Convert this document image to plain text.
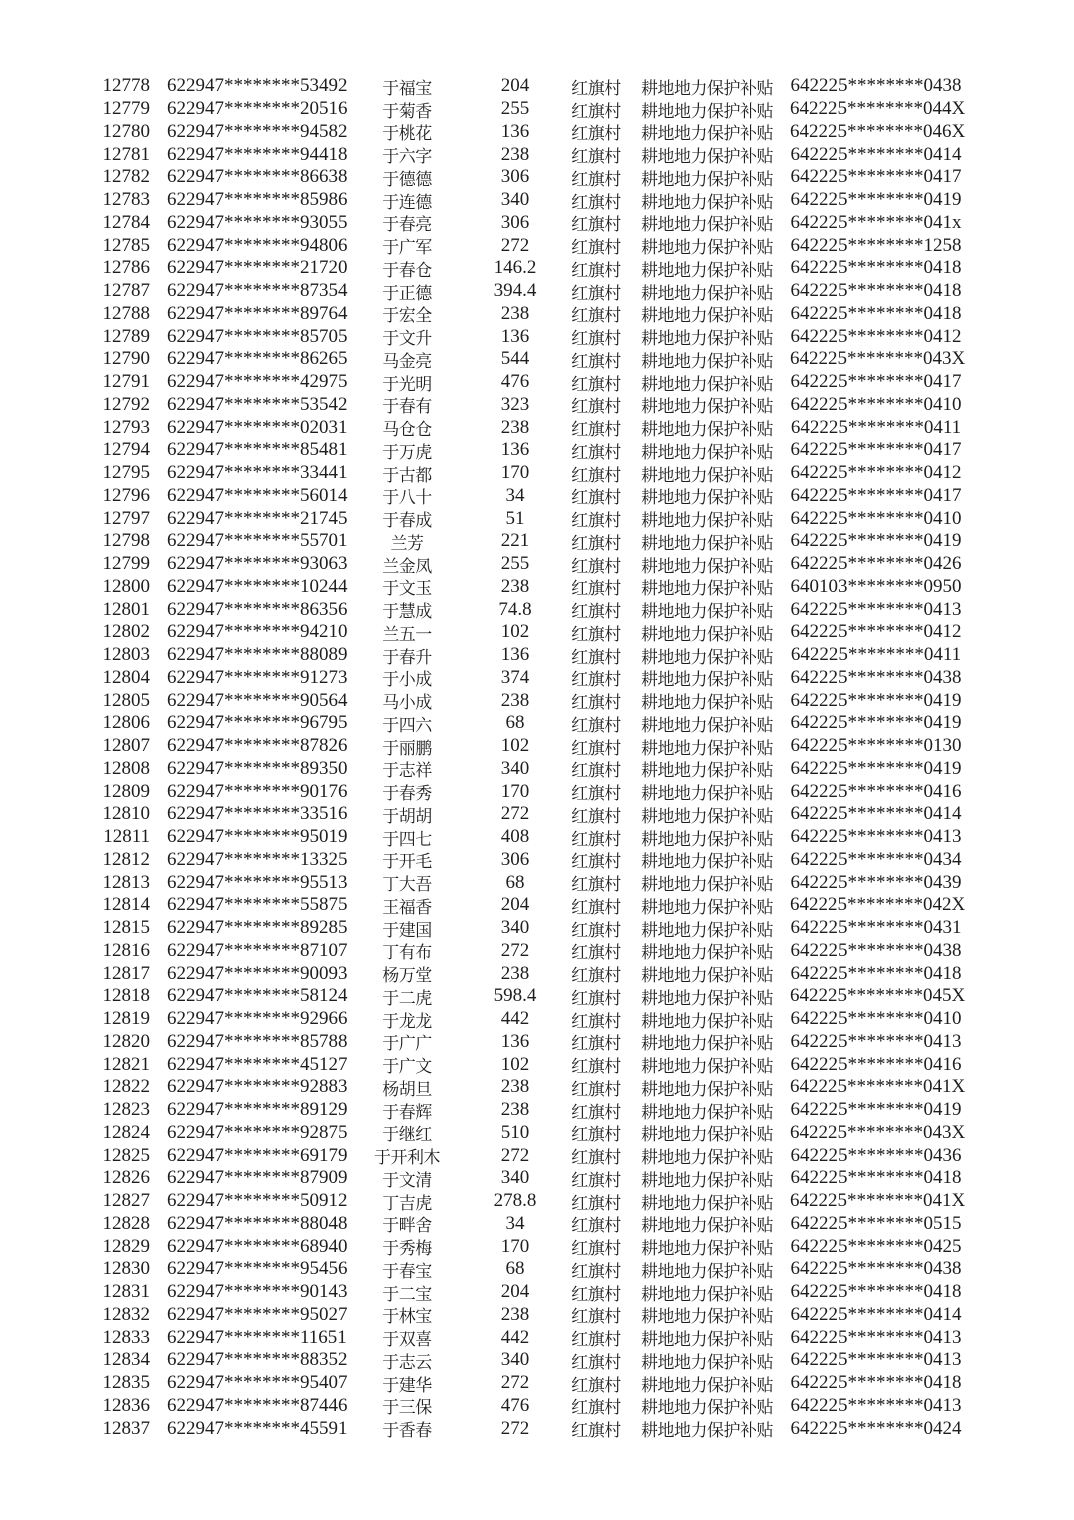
12778 622947********53492	于福宝	204	红旗村	耕地地力保护补贴 642225********0438
12779 622947********20516	于菊香	255	红旗村	耕地地力保护补贴 642225********044X
12780 622947********94582	于桃花	136	红旗村	耕地地力保护补贴 642225********046X
12781 622947********94418	于六字	238	红旗村	耕地地力保护补贴 642225********0414
12782 622947********86638	于德德	306	红旗村	耕地地力保护补贴 642225********0417
12783 622947********85986	于连德	340	红旗村	耕地地力保护补贴 642225********0419
12784 622947********93055	于春亮	306	红旗村	耕地地力保护补贴 642225********041x
12785 622947********94806	于广军	272	红旗村	耕地地力保护补贴 642225********1258
12786 622947********21720	于春仓	146.2	红旗村	耕地地力保护补贴 642225********0418
12787 622947********87354	于正德	394.4	红旗村	耕地地力保护补贴 642225********0418
12788 622947********89764	于宏全	238	红旗村	耕地地力保护补贴 642225********0418
12789 622947********85705	于文升	136	红旗村	耕地地力保护补贴 642225********0412
12790 622947********86265	马金亮	544	红旗村	耕地地力保护补贴 642225********043X
12791 622947********42975	于光明	476	红旗村	耕地地力保护补贴 642225********0417
12792 622947********53542	于春有	323	红旗村	耕地地力保护补贴 642225********0410
12793 622947********02031	马仓仓	238	红旗村	耕地地力保护补贴 642225********0411
12794 622947********85481	于万虎	136	红旗村	耕地地力保护补贴 642225********0417
12795 622947********33441	于古都	170	红旗村	耕地地力保护补贴 642225********0412
12796 622947********56014	于八十	34	红旗村	耕地地力保护补贴 642225********0417
12797 622947********21745	于春成	51	红旗村	耕地地力保护补贴 642225********0410
12798 622947********55701	兰芳	221	红旗村	耕地地力保护补贴 642225********0419
12799 622947********93063	兰金凤	255	红旗村	耕地地力保护补贴 642225********0426
12800 622947********10244	于文玉	238	红旗村	耕地地力保护补贴 640103********0950
12801 622947********86356	于慧成	74.8	红旗村	耕地地力保护补贴 642225********0413
12802 622947********94210	兰五一	102	红旗村	耕地地力保护补贴 642225********0412
12803 622947********88089	于春升	136	红旗村	耕地地力保护补贴 642225********0411
12804 622947********91273	于小成	374	红旗村	耕地地力保护补贴 642225********0438
12805 622947********90564	马小成	238	红旗村	耕地地力保护补贴 642225********0419
12806 622947********96795	于四六	68	红旗村	耕地地力保护补贴 642225********0419
12807 622947********87826	于丽鹏	102	红旗村	耕地地力保护补贴 642225********0130
12808 622947********89350	于志祥	340	红旗村	耕地地力保护补贴 642225********0419
12809 622947********90176	于春秀	170	红旗村	耕地地力保护补贴 642225********0416
12810 622947********33516	于胡胡	272	红旗村	耕地地力保护补贴 642225********0414
12811 622947********95019	于四七	408	红旗村	耕地地力保护补贴 642225********0413
12812 622947********13325	于开毛	306	红旗村	耕地地力保护补贴 642225********0434
12813 622947********95513	丁大吾	68	红旗村	耕地地力保护补贴 642225********0439
12814 622947********55875	王福香	204	红旗村	耕地地力保护补贴 642225********042X
12815 622947********89285	于建国	340	红旗村	耕地地力保护补贴 642225********0431
12816 622947********87107	丁有布	272	红旗村	耕地地力保护补贴 642225********0438
12817 622947********90093	杨万堂	238	红旗村	耕地地力保护补贴 642225********0418
12818 622947********58124	于二虎	598.4	红旗村	耕地地力保护补贴 642225********045X
12819 622947********92966	于龙龙	442	红旗村	耕地地力保护补贴 642225********0410
12820 622947********85788	于广广	136	红旗村	耕地地力保护补贴 642225********0413
12821 622947********45127	于广文	102	红旗村	耕地地力保护补贴 642225********0416
12822 622947********92883	杨胡旦	238	红旗村	耕地地力保护补贴 642225********041X
12823 622947********89129	于春辉	238	红旗村	耕地地力保护补贴 642225********0419
12824 622947********92875	于继红	510	红旗村	耕地地力保护补贴 642225********043X
12825 622947********69179	于开利木	272	红旗村	耕地地力保护补贴 642225********0436
12826 622947********87909	于文清	340	红旗村	耕地地力保护补贴 642225********0418
12827 622947********50912	丁吉虎	278.8	红旗村	耕地地力保护补贴 642225********041X
12828 622947********88048	于畔舍	34	红旗村	耕地地力保护补贴 642225********0515
12829 622947********68940	于秀梅	170	红旗村	耕地地力保护补贴 642225********0425
12830 622947********95456	于春宝	68	红旗村	耕地地力保护补贴 642225********0438
12831 622947********90143	于二宝	204	红旗村	耕地地力保护补贴 642225********0418
12832 622947********95027	于林宝	238	红旗村	耕地地力保护补贴 642225********0414
12833 622947********11651	于双喜	442	红旗村	耕地地力保护补贴 642225********0413
12834 622947********88352	于志云	340	红旗村	耕地地力保护补贴 642225********0413
12835 622947********95407	于建华	272	红旗村	耕地地力保护补贴 642225********0418
12836 622947********87446	于三保	476	红旗村	耕地地力保护补贴 642225********0413
12837 622947********45591	于香春	272	红旗村	耕地地力保护补贴 642225********0424
